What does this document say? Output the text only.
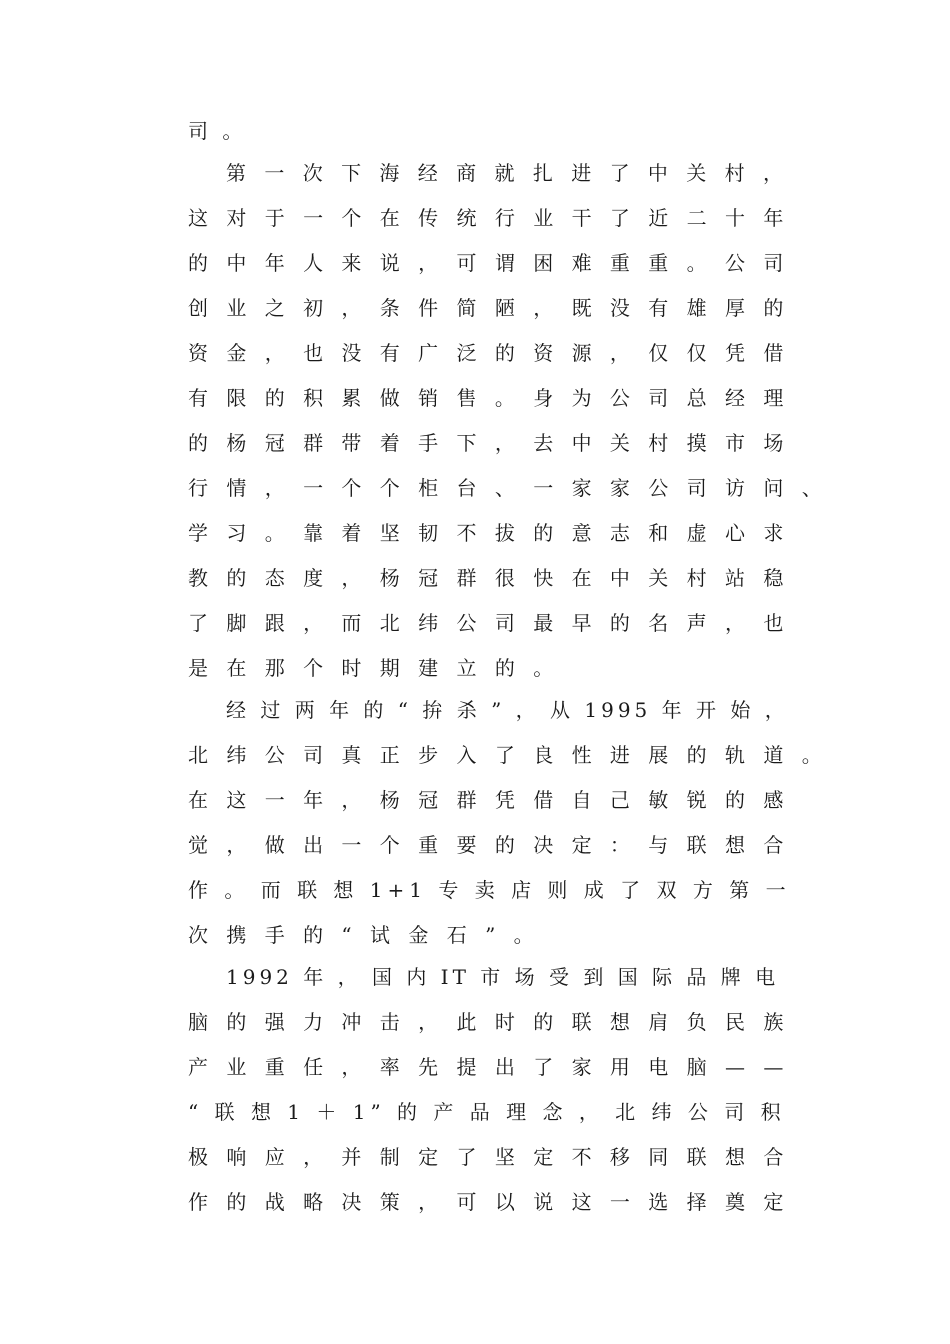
司 。
第 一 次 下 海 经 商 就 扎 进 了 中 关 村 ，
这 对 于 一 个 在 传 统 行 业 干 了 近 二 十 年
的 中 年 人 来 说 ， 可 谓 困 难 重 重 。 公 司
创 业 之 初 ， 条 件 简 陋 ， 既 没 有 雄 厚 的
资 金 ， 也 没 有 广 泛 的 资 源 ， 仅 仅 凭 借
有 限 的 积 累 做 销 售 。 身 为 公 司 总 经 理
的 杨 冠 群 带 着 手 下 ， 去 中 关 村 摸 市 场
行 情 ， 一 个 个 柜 台 、 一 家 家 公 司 访 问 、
学 习 。 靠 着 坚 韧 不 拔 的 意 志 和 虚 心 求
教 的 态 度 ， 杨 冠 群 很 快 在 中 关 村 站 稳
了 脚 跟 ， 而 北 纬 公 司 最 早 的 名 声 ， 也
是 在 那 个 时 期 建 立 的 。
经 过 两 年 的 “ 拚 杀 ” ， 从 1995 年 开 始 ，
北 纬 公 司 真 正 步 入 了 良 性 进 展 的 轨 道 。
在 这 一 年 ， 杨 冠 群 凭 借 自 己 敏 锐 的 感
觉 ， 做 出 一 个 重 要 的 决 定 ： 与 联 想 合
作 。 而 联 想 1+1 专 卖 店 则 成 了 双 方 第 一
次 携 手 的 “ 试 金 石 ” 。
1992 年 ， 国 内 IT 市 场 受 到 国 际 品 牌 电
脑 的 强 力 冲 击 ， 此 时 的 联 想 肩 负 民 族
产 业 重 任 ， 率 先 提 出 了 家 用 电 脑 — —
“ 联 想 1 ＋ 1” 的 产 品 理 念 ， 北 纬 公 司 积
极 响 应 ， 并 制 定 了 坚 定 不 移 同 联 想 合
作 的 战 略 决 策 ， 可 以 说 这 一 选 择 奠 定
